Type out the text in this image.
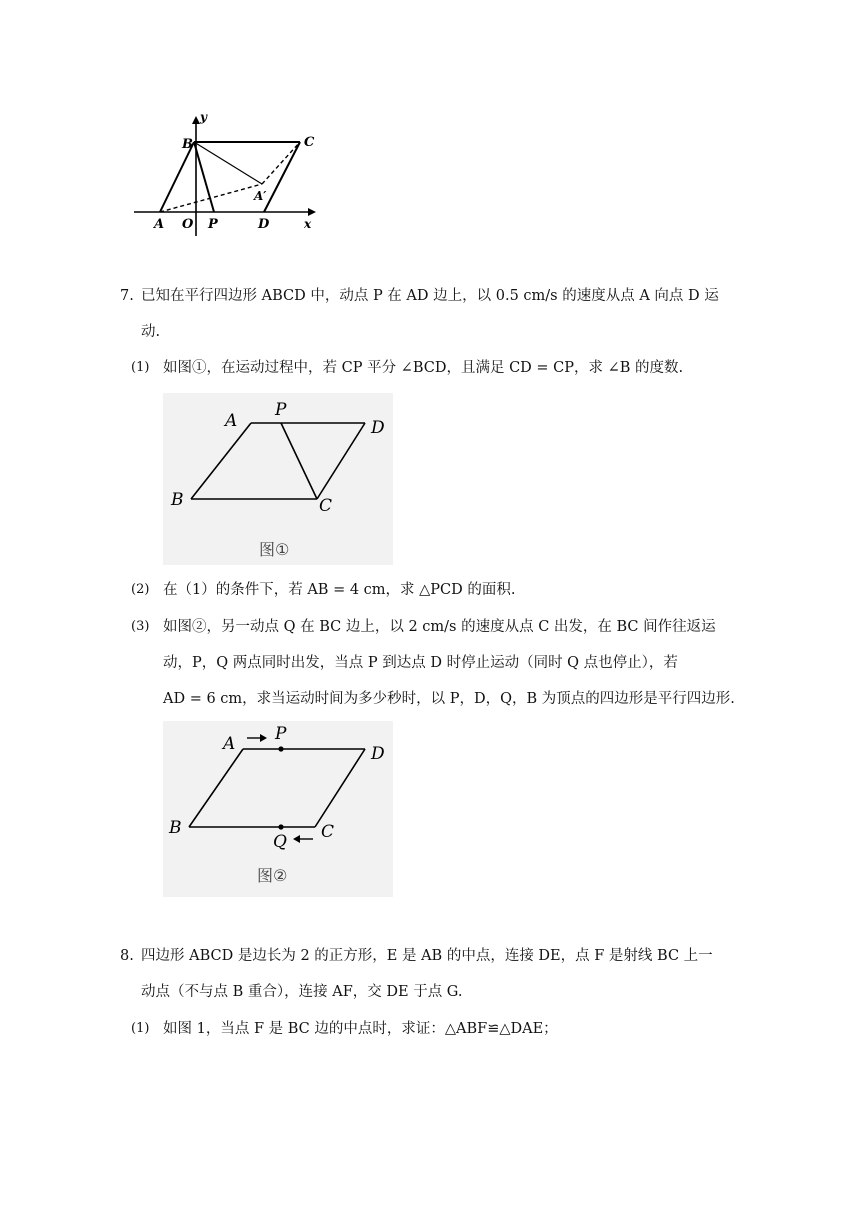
y
B	C
A′
A O P	D	x
7. 已知在平行四边形 ABCD 中，动点 P 在 AD 边上，以 0.5 cm/s 的速度从点 A 向点 D 运
动.
(1) 如图①，在运动过程中，若 CP 平分 ∠BCD，且满足 CD = CP，求 ∠B 的度数.
A
P
D
B	C
图①
(2) 在（1）的条件下，若 AB = 4 cm，求 △PCD 的面积.
(3) 如图②，另一动点 Q 在 BC 边上，以 2 cm/s 的速度从点 C 出发，在 BC 间作往返运
动，P，Q 两点同时出发，当点 P 到达点 D 时停止运动（同时 Q 点也停止），若
AD = 6 cm，求当运动时间为多少秒时，以 P，D，Q，B 为顶点的四边形是平行四边形.
A P
D
B
Q C
图②
8. 四边形 ABCD 是边长为 2 的正方形，E 是 AB 的中点，连接 DE，点 F 是射线 BC 上一
动点（不与点 B 重合），连接 AF，交 DE 于点 G.
(1) 如图 1，当点 F 是 BC 边的中点时，求证：△ABF≌△DAE；
